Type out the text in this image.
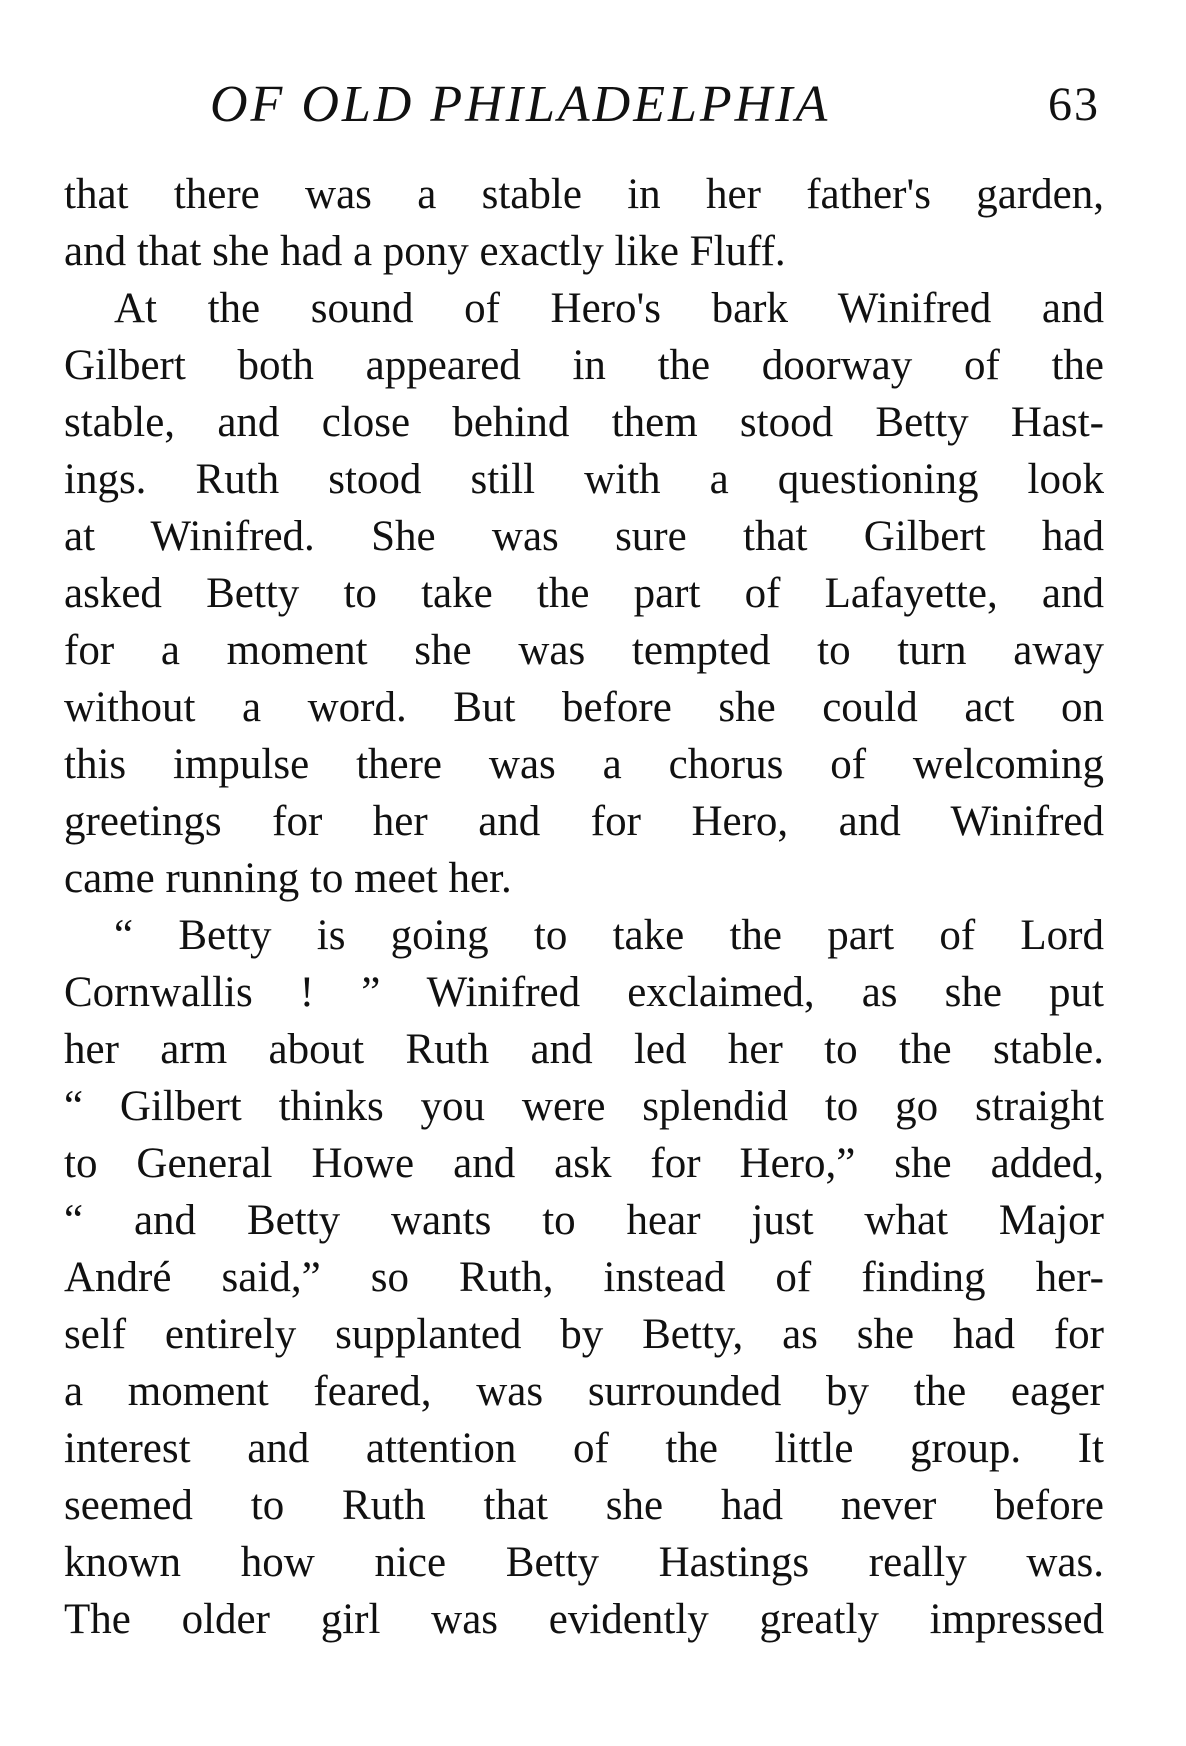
OF OLD PHILADELPHIA	63
that there was a stable in her father's garden,
and that she had a pony exactly like Fluff.
At the sound of Hero's bark Winifred and
Gilbert both appeared in the doorway of the
stable, and close behind them stood Betty Hast-
ings. Ruth stood still with a questioning look
at Winifred. She was sure that Gilbert had
asked Betty to take the part of Lafayette, and
for a moment she was tempted to turn away
without a word. But before she could act on
this impulse there was a chorus of welcoming
greetings for her and for Hero, and Winifred
came running to meet her.
“ Betty is going to take the part of Lord
Cornwallis ! ” Winifred exclaimed, as she put
her arm about Ruth and led her to the stable.
“ Gilbert thinks you were splendid to go straight
to General Howe and ask for Hero,” she added,
“ and Betty wants to hear just what Major
André said,” so Ruth, instead of finding her-
self entirely supplanted by Betty, as she had for
a moment feared, was surrounded by the eager
interest and attention of the little group. It
seemed to Ruth that she had never before
known how nice Betty Hastings really was.
The older girl was evidently greatly impressed
